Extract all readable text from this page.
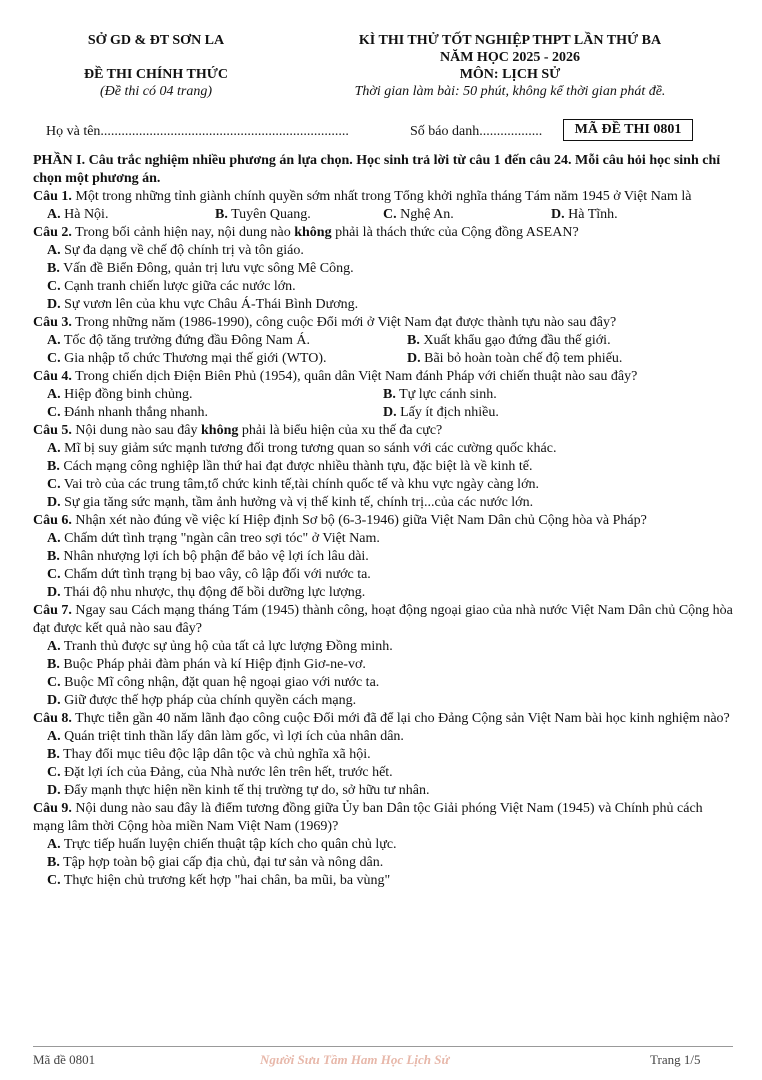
SỞ GD & ĐT SƠN LA
ĐỀ THI CHÍNH THỨC
(Đề thi có 04 trang)
KÌ THI THỬ TỐT NGHIỆP THPT LẦN THỨ BA
NĂM HỌC 2025 - 2026
MÔN: LỊCH SỬ
Thời gian làm bài: 50 phút, không kể thời gian phát đề.
Họ và tên.......................................................................	Số báo danh..................	MÃ ĐỀ THI 0801

PHẦN I. Câu trắc nghiệm nhiều phương án lựa chọn. Học sinh trả lời từ câu 1 đến câu 24. Mỗi câu hỏi học sinh chỉ chọn một phương án.

Câu 1. Một trong những tỉnh giành chính quyền sớm nhất trong Tổng khởi nghĩa tháng Tám năm 1945 ở Việt Nam là

A. Hà Nội.	B. Tuyên Quang.	C. Nghệ An.	D. Hà Tĩnh.

Câu 2. Trong bối cảnh hiện nay, nội dung nào không phải là thách thức của Cộng đồng ASEAN?

A. Sự đa dạng về chế độ chính trị và tôn giáo.

B. Vấn đề Biển Đông, quản trị lưu vực sông Mê Công.

C. Cạnh tranh chiến lược giữa các nước lớn.

D. Sự vươn lên của khu vực Châu Á-Thái Bình Dương.

Câu 3. Trong những năm (1986-1990), công cuộc Đổi mới ở Việt Nam đạt được thành tựu nào sau đây?

A. Tốc độ tăng trưởng đứng đầu Đông Nam Á.	B. Xuất khẩu gạo đứng đầu thế giới.
C. Gia nhập tổ chức Thương mại thế giới (WTO).	D. Bãi bỏ hoàn toàn chế độ tem phiếu.

Câu 4. Trong chiến dịch Điện Biên Phủ (1954), quân dân Việt Nam đánh Pháp với chiến thuật nào sau đây?

A. Hiệp đồng binh chủng.	B. Tự lực cánh sinh.
C. Đánh nhanh thắng nhanh.	D. Lấy ít địch nhiều.

Câu 5. Nội dung nào sau đây không phải là biểu hiện của xu thế đa cực?

A. Mĩ bị suy giảm sức mạnh tương đối trong tương quan so sánh với các cường quốc khác.

B. Cách mạng công nghiệp lần thứ hai đạt được nhiều thành tựu, đặc biệt là về kinh tế.

C. Vai trò của các trung tâm,tổ chức kinh tế,tài chính quốc tế và khu vực ngày càng lớn.

D. Sự gia tăng sức mạnh, tầm ảnh hưởng và vị thế kinh tế, chính trị...của các nước lớn.

Câu 6. Nhận xét nào đúng về việc kí Hiệp định Sơ bộ (6-3-1946) giữa Việt Nam Dân chủ Cộng hòa và Pháp?

A. Chấm dứt tình trạng "ngàn cân treo sợi tóc" ở Việt Nam.

B. Nhân nhượng lợi ích bộ phận để bảo vệ lợi ích lâu dài.

C. Chấm dứt tình trạng bị bao vây, cô lập đối với nước ta.

D. Thái độ nhu nhược, thụ động để bồi dưỡng lực lượng.

Câu 7. Ngay sau Cách mạng tháng Tám (1945) thành công, hoạt động ngoại giao của nhà nước Việt Nam Dân chủ Cộng hòa đạt được kết quả nào sau đây?

A. Tranh thủ được sự ủng hộ của tất cả lực lượng Đồng minh.

B. Buộc Pháp phải đàm phán và kí Hiệp định Giơ-ne-vơ.

C. Buộc Mĩ công nhận, đặt quan hệ ngoại giao với nước ta.

D. Giữ được thế hợp pháp của chính quyền cách mạng.

Câu 8. Thực tiễn gần 40 năm lãnh đạo công cuộc Đổi mới đã để lại cho Đảng Cộng sản Việt Nam bài học kinh nghiệm nào?

A. Quán triệt tinh thần lấy dân làm gốc, vì lợi ích của nhân dân.

B. Thay đổi mục tiêu độc lập dân tộc và chủ nghĩa xã hội.

C. Đặt lợi ích của Đảng, của Nhà nước lên trên hết, trước hết.

D. Đẩy mạnh thực hiện nền kinh tế thị trường tự do, sở hữu tư nhân.

Câu 9. Nội dung nào sau đây là điểm tương đồng giữa Ủy ban Dân tộc Giải phóng Việt Nam (1945) và Chính phủ cách mạng lâm thời Cộng hòa miền Nam Việt Nam (1969)?

A. Trực tiếp huấn luyện chiến thuật tập kích cho quân chủ lực.

B. Tập hợp toàn bộ giai cấp địa chủ, đại tư sản và nông dân.

C. Thực hiện chủ trương kết hợp "hai chân, ba mũi, ba vùng"

Mã đề 0801	Người Sưu Tầm Ham Học Lịch Sử	Trang 1/5
